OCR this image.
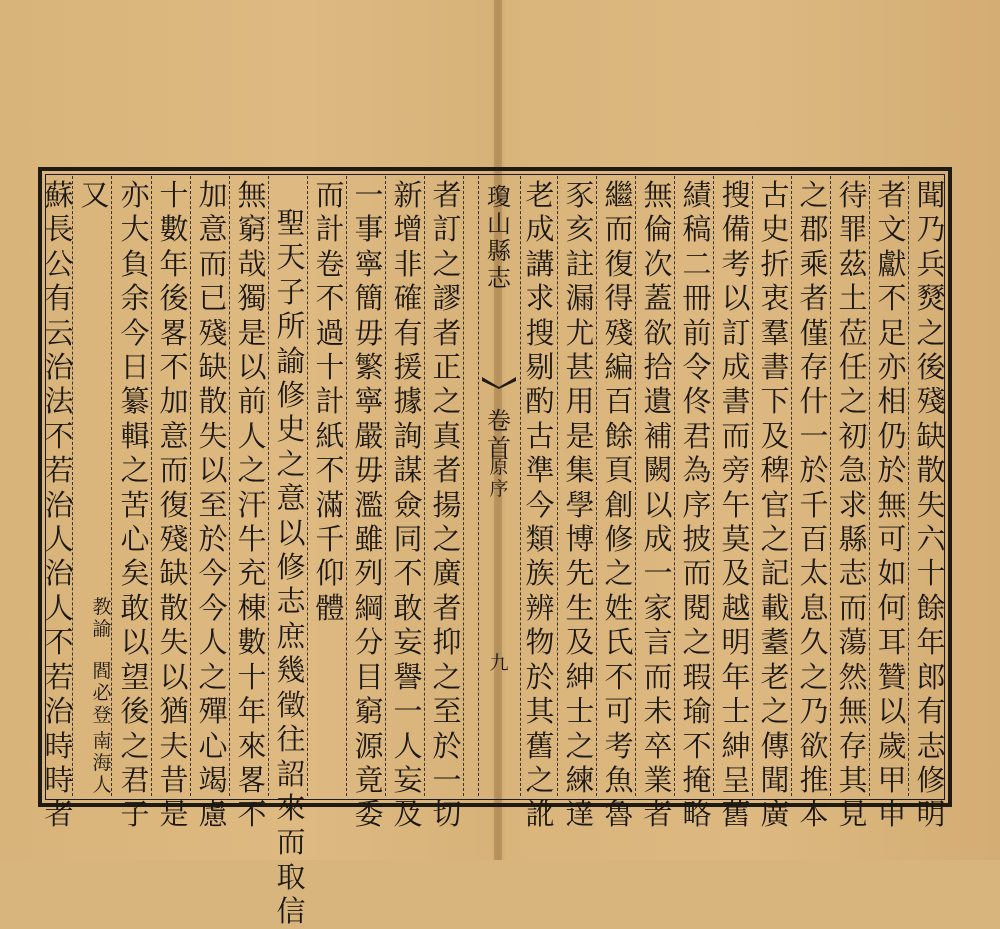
瓊
山
縣
志
卷
首
原
序
九
聞
乃
兵
燹
之
後
殘
缺
散
失
六
十
餘
年
郎
有
志
修
明
者
文
獻
不
足
亦
相
仍
於
無
可
如
何
耳
贊
以
歲
甲
申
待
罪
茲
土
莅
任
之
初
急
求
縣
志
而
蕩
然
無
存
其
見
之
郡
乘
者
僅
存
什
一
於
千
百
太
息
久
之
乃
欲
推
本
古
史
折
衷
羣
書
下
及
稗
官
之
記
載
耋
老
之
傳
聞
廣
搜
備
考
以
訂
成
書
而
旁
午
莫
及
越
明
年
士
紳
呈
舊
績
稿
二
冊
前
令
佟
君
為
序
披
而
閱
之
瑕
瑜
不
掩
略
無
倫
次
蓋
欲
拾
遺
補
闕
以
成
一
家
言
而
未
卒
業
者
繼
而
復
得
殘
編
百
餘
頁
創
修
之
姓
氏
不
可
考
魚
魯
豕
亥
註
漏
尤
甚
用
是
集
學
博
先
生
及
紳
士
之
練
達
老
成
講
求
搜
剔
酌
古
準
今
類
族
辨
物
於
其
舊
之
訛
者
訂
之
謬
者
正
之
真
者
揚
之
廣
者
抑
之
至
於
一
切
新
增
非
確
有
援
據
詢
謀
僉
同
不
敢
妄
譽
一
人
妄
及
一
事
寧
簡
毋
繁
寧
嚴
毋
濫
雖
列
綱
分
目
窮
源
竟
委
而
計
卷
不
過
十
計
紙
不
滿
千
仰
體
聖
天
子
所
諭
修
史
之
意
以
修
志
庶
幾
徵
往
詔
來
而
取
信
無
窮
哉
獨
是
以
前
人
之
汗
牛
充
棟
數
十
年
來
畧
不
加
意
而
已
殘
缺
散
失
以
至
於
今
今
人
之
殫
心
竭
慮
十
數
年
後
畧
不
加
意
而
復
殘
缺
散
失
以
猶
夫
昔
是
亦
大
負
余
今
日
纂
輯
之
苦
心
矣
敢
以
望
後
之
君
子
蘇
長
公
有
云
治
法
不
若
治
人
治
人
不
若
治
時
時
者
又
教
諭
閻
必
登
南
海
人
